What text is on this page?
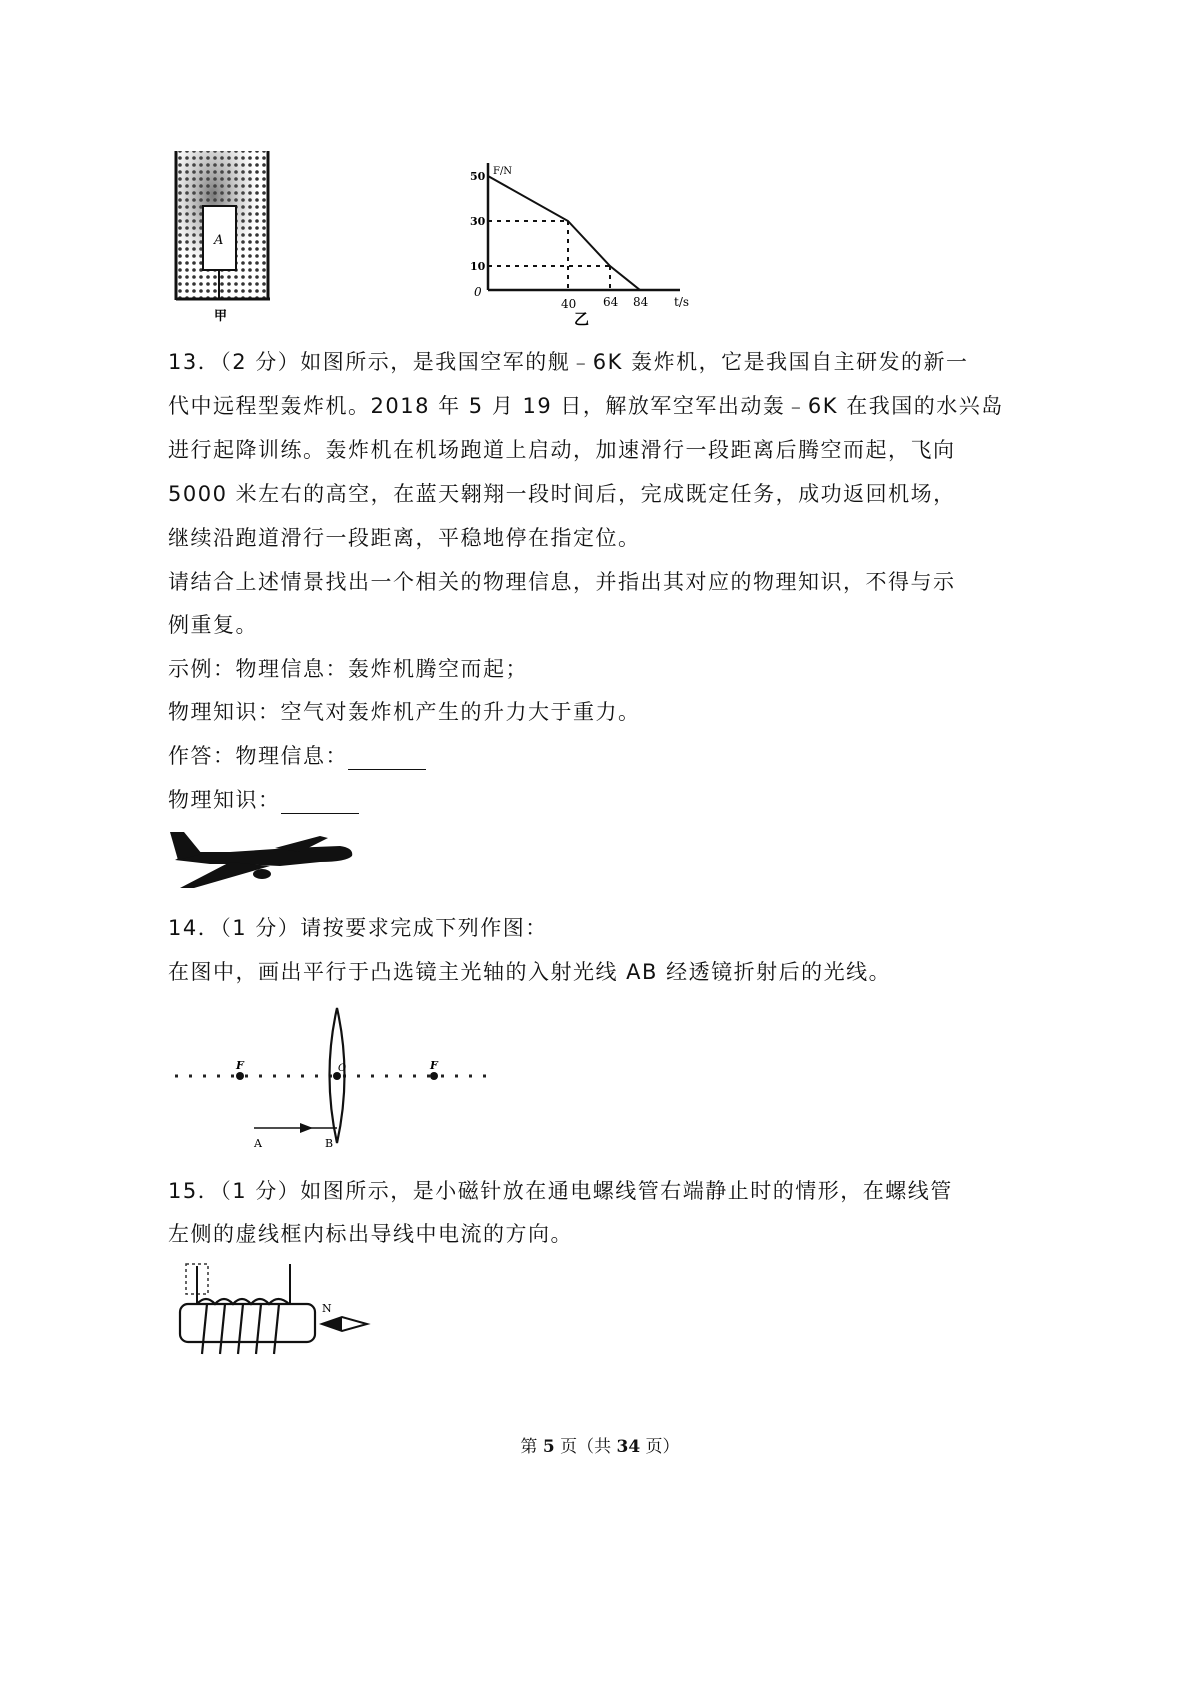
A
甲
F/N
50
30
10
0
40 64 84 t/s
乙
13．（2 分）如图所示，是我国空军的舰﹣6K 轰炸机，它是我国自主研发的新一
代中远程型轰炸机。2018 年 5 月 19 日，解放军空军出动轰﹣6K 在我国的水兴岛
进行起降训练。轰炸机在机场跑道上启动，加速滑行一段距离后腾空而起，飞向
5000 米左右的高空，在蓝天翱翔一段时间后，完成既定任务，成功返回机场，
继续沿跑道滑行一段距离，平稳地停在指定位。
请结合上述情景找出一个相关的物理信息，并指出其对应的物理知识，不得与示
例重复。
示例：物理信息：轰炸机腾空而起；
物理知识：空气对轰炸机产生的升力大于重力。
作答：物理信息：
物理知识：
14．（1 分）请按要求完成下列作图：
在图中，画出平行于凸选镜主光轴的入射光线 AB 经透镜折射后的光线。
F	O	F
A	B
15．（1 分）如图所示，是小磁针放在通电螺线管右端静止时的情形，在螺线管
左侧的虚线框内标出导线中电流的方向。
N
第 5 页（共 34 页）
